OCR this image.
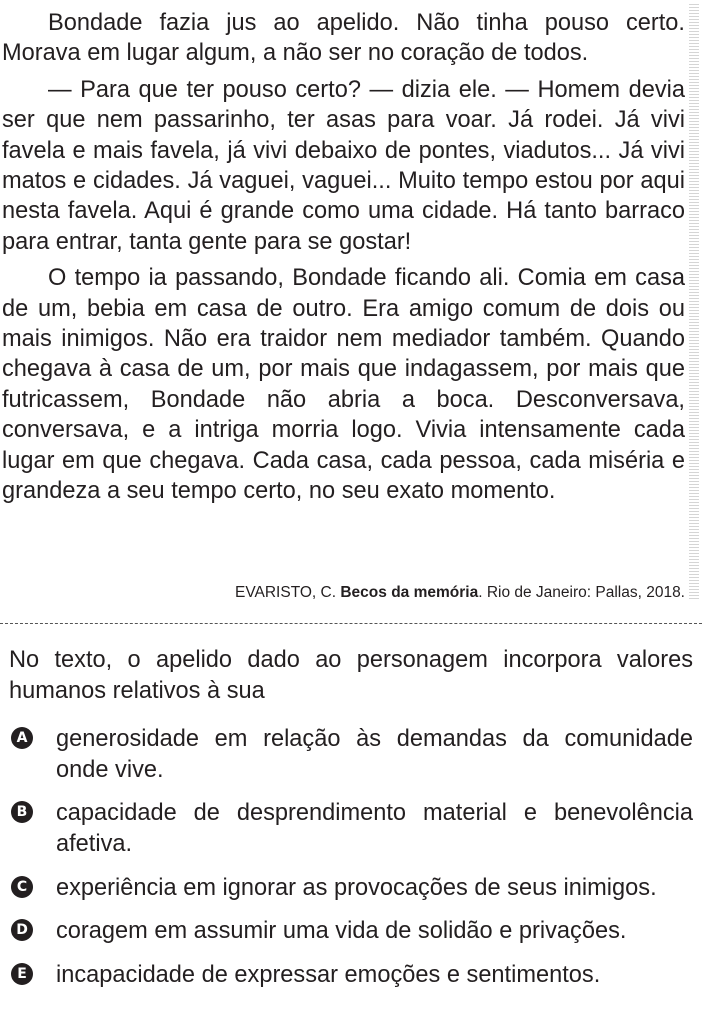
Bondade fazia jus ao apelido. Não tinha pouso certo. Morava em lugar algum, a não ser no coração de todos.

— Para que ter pouso certo? — dizia ele. — Homem devia ser que nem passarinho, ter asas para voar. Já rodei. Já vivi favela e mais favela, já vivi debaixo de pontes, viadutos... Já vivi matos e cidades. Já vaguei, vaguei... Muito tempo estou por aqui nesta favela. Aqui é grande como uma cidade. Há tanto barraco para entrar, tanta gente para se gostar!

O tempo ia passando, Bondade ficando ali. Comia em casa de um, bebia em casa de outro. Era amigo comum de dois ou mais inimigos. Não era traidor nem mediador também. Quando chegava à casa de um, por mais que indagassem, por mais que futricassem, Bondade não abria a boca. Desconversava, conversava, e a intriga morria logo. Vivia intensamente cada lugar em que chegava. Cada casa, cada pessoa, cada miséria e grandeza a seu tempo certo, no seu exato momento.

EVARISTO, C. Becos da memória. Rio de Janeiro: Pallas, 2018.

No texto, o apelido dado ao personagem incorpora valores humanos relativos à sua

A generosidade em relação às demandas da comunidade onde vive.
B capacidade de desprendimento material e benevolência afetiva.
C experiência em ignorar as provocações de seus inimigos.
D coragem em assumir uma vida de solidão e privações.
E incapacidade de expressar emoções e sentimentos.
